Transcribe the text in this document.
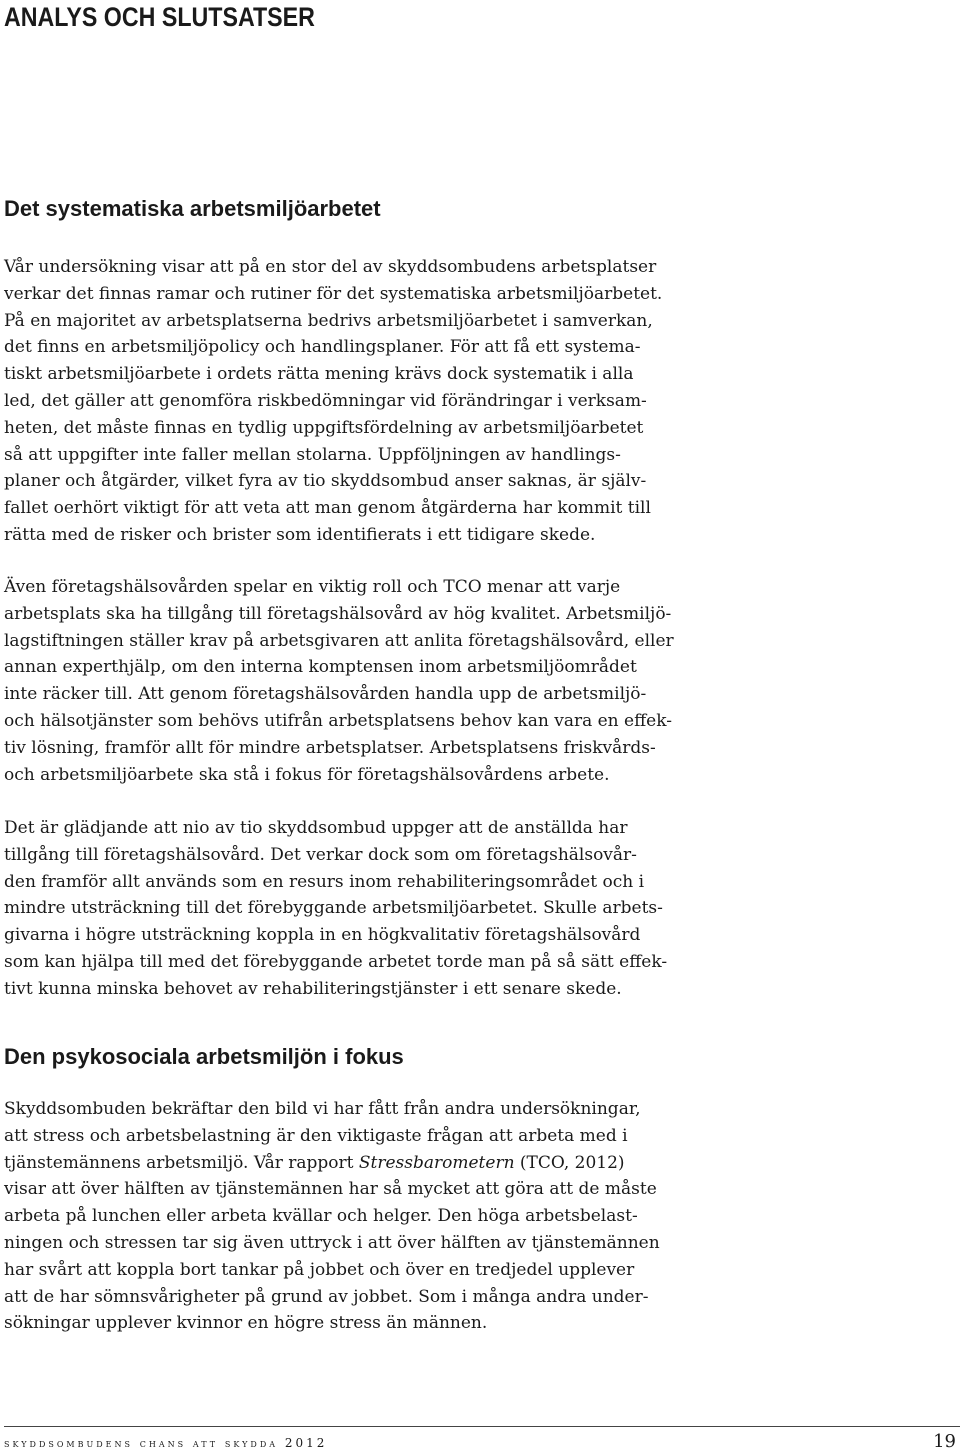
ANALYS OCH SLUTSATSER
Det systematiska arbetsmiljöarbetet
Vår undersökning visar att på en stor del av skyddsombudens arbetsplatser
verkar det finnas ramar och rutiner för det systematiska arbetsmiljöarbetet.
På en majoritet av arbetsplatserna bedrivs arbetsmiljöarbetet i samverkan,
det finns en arbetsmiljöpolicy och handlingsplaner. För att få ett systema-
tiskt arbetsmiljöarbete i ordets rätta mening krävs dock systematik i alla
led, det gäller att genomföra riskbedömningar vid förändringar i verksam-
heten, det måste finnas en tydlig uppgiftsfördelning av arbetsmiljöarbetet
så att uppgifter inte faller mellan stolarna. Uppföljningen av handlings-
planer och åtgärder, vilket fyra av tio skyddsombud anser saknas, är själv-
fallet oerhört viktigt för att veta att man genom åtgärderna har kommit till
rätta med de risker och brister som identifierats i ett tidigare skede.
Även företagshälsovården spelar en viktig roll och TCO menar att varje
arbetsplats ska ha tillgång till företagshälsovård av hög kvalitet. Arbetsmiljö-
lagstiftningen ställer krav på arbetsgivaren att anlita företagshälsovård, eller
annan experthjälp, om den interna komptensen inom arbetsmiljöområdet
inte räcker till. Att genom företagshälsovården handla upp de arbetsmiljö-
och hälsotjänster som behövs utifrån arbetsplatsens behov kan vara en effek-
tiv lösning, framför allt för mindre arbetsplatser. Arbetsplatsens friskvårds-
och arbetsmiljöarbete ska stå i fokus för företagshälsovårdens arbete.
Det är glädjande att nio av tio skyddsombud uppger att de anställda har
tillgång till företagshälsovård. Det verkar dock som om företagshälsovår-
den framför allt används som en resurs inom rehabiliteringsområdet och i
mindre utsträckning till det förebyggande arbetsmiljöarbetet. Skulle arbets-
givarna i högre utsträckning koppla in en högkvalitativ företagshälsovård
som kan hjälpa till med det förebyggande arbetet torde man på så sätt effek-
tivt kunna minska behovet av rehabiliteringstjänster i ett senare skede.
Den psykosociala arbetsmiljön i fokus
Skyddsombuden bekräftar den bild vi har fått från andra undersökningar,
att stress och arbetsbelastning är den viktigaste frågan att arbeta med i
tjänstemännens arbetsmiljö. Vår rapport Stressbarometern (TCO, 2012)
visar att över hälften av tjänstemännen har så mycket att göra att de måste
arbeta på lunchen eller arbeta kvällar och helger. Den höga arbetsbelast-
ningen och stressen tar sig även uttryck i att över hälften av tjänstemännen
har svårt att koppla bort tankar på jobbet och över en tredjedel upplever
att de har sömnsvårigheter på grund av jobbet. Som i många andra under-
sökningar upplever kvinnor en högre stress än männen.
skyddsombudens chans att skydda 2012	19
